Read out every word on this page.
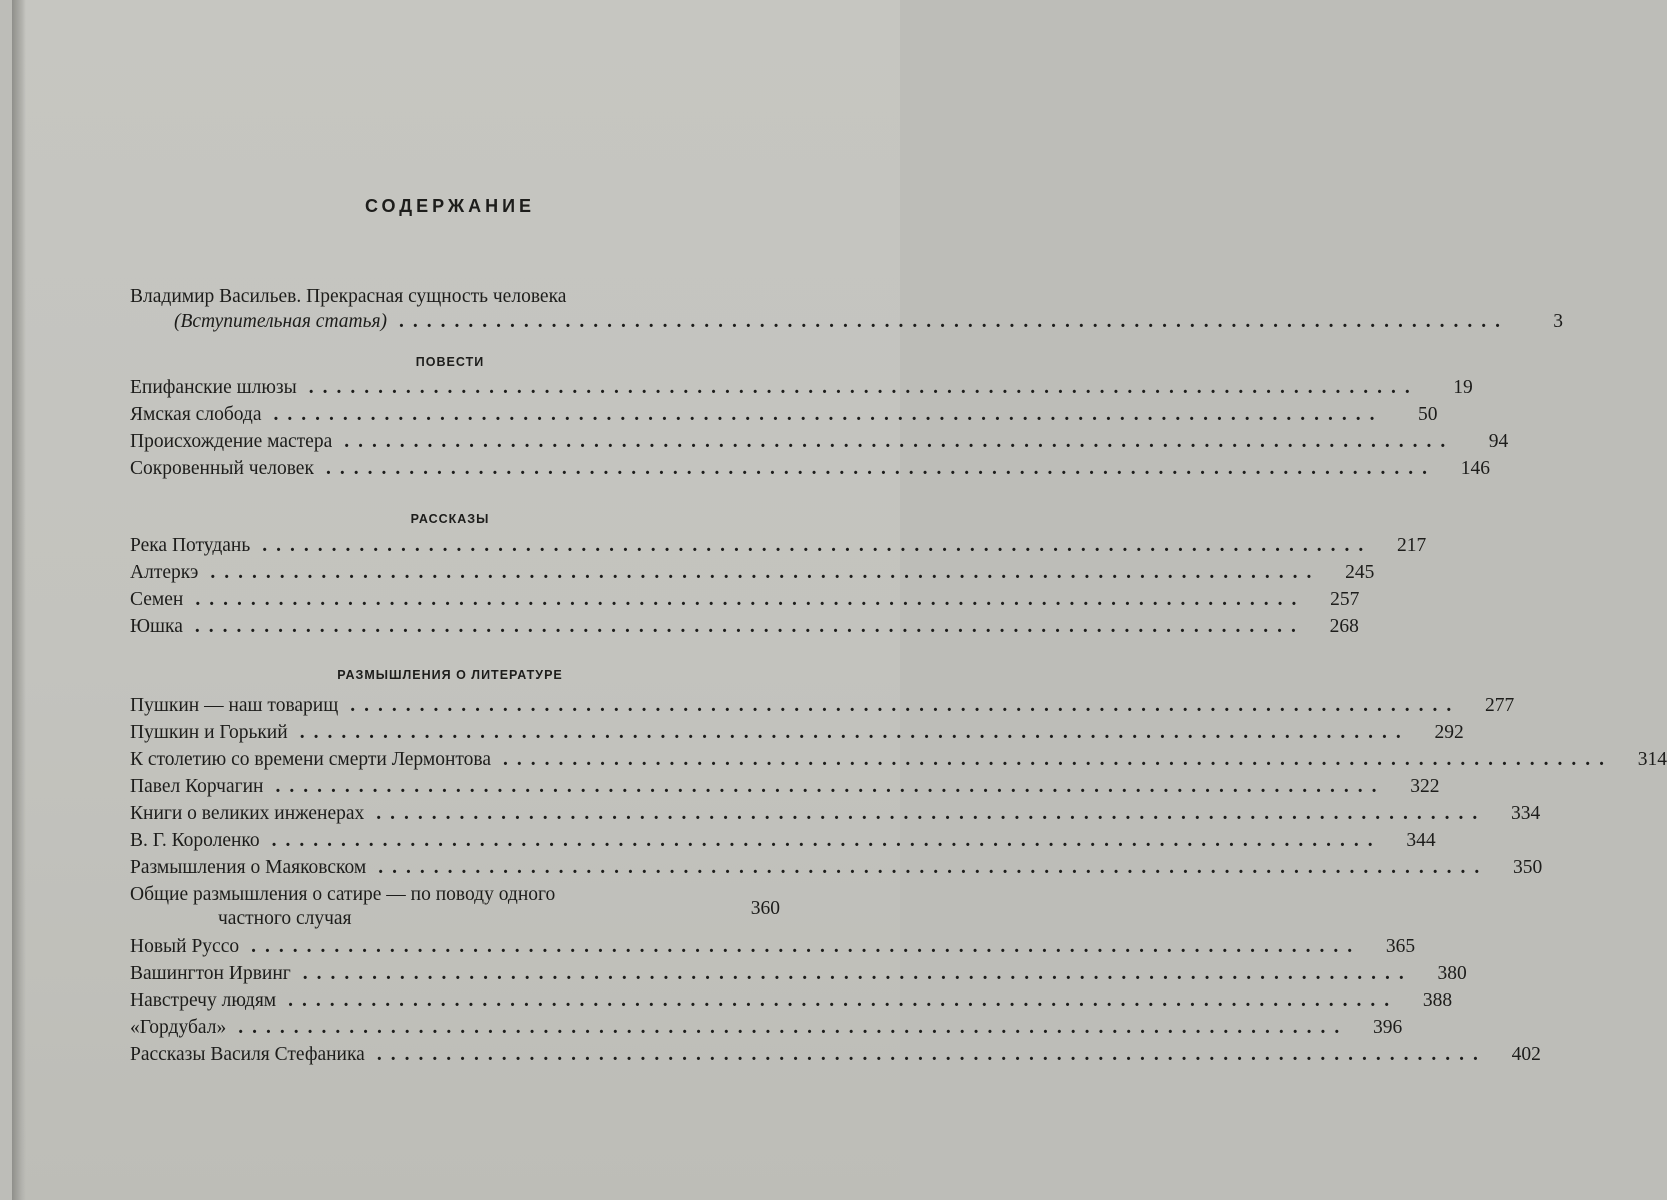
СОДЕРЖАНИЕ
Владимир Васильев. Прекрасная сущность человека
(Вступительная статья) ................................................................................	3
ПОВЕСТИ
Епифанские шлюзы ................................................................................	19
Ямская слобода ................................................................................	50
Происхождение мастера ................................................................................	94
Сокровенный человек ................................................................................	146
РАССКАЗЫ
Река Потудань ................................................................................	217
Алтеркэ ................................................................................	245
Семен ................................................................................	257
Юшка ................................................................................	268
РАЗМЫШЛЕНИЯ О ЛИТЕРАТУРЕ
Пушкин — наш товарищ ................................................................................	277
Пушкин и Горький ................................................................................	292
К столетию со времени смерти Лермонтова ................................................................................	314
Павел Корчагин ................................................................................	322
Книги о великих инженерах ................................................................................	334
В. Г. Короленко ................................................................................	344
Размышления о Маяковском ................................................................................	350
Общие размышления о сатире — по поводу одного
частного случая	360
Новый Руссо ................................................................................	365
Вашингтон Ирвинг ................................................................................	380
Навстречу людям ................................................................................	388
«Гордубал» ................................................................................	396
Рассказы Василя Стефаника ................................................................................	402
